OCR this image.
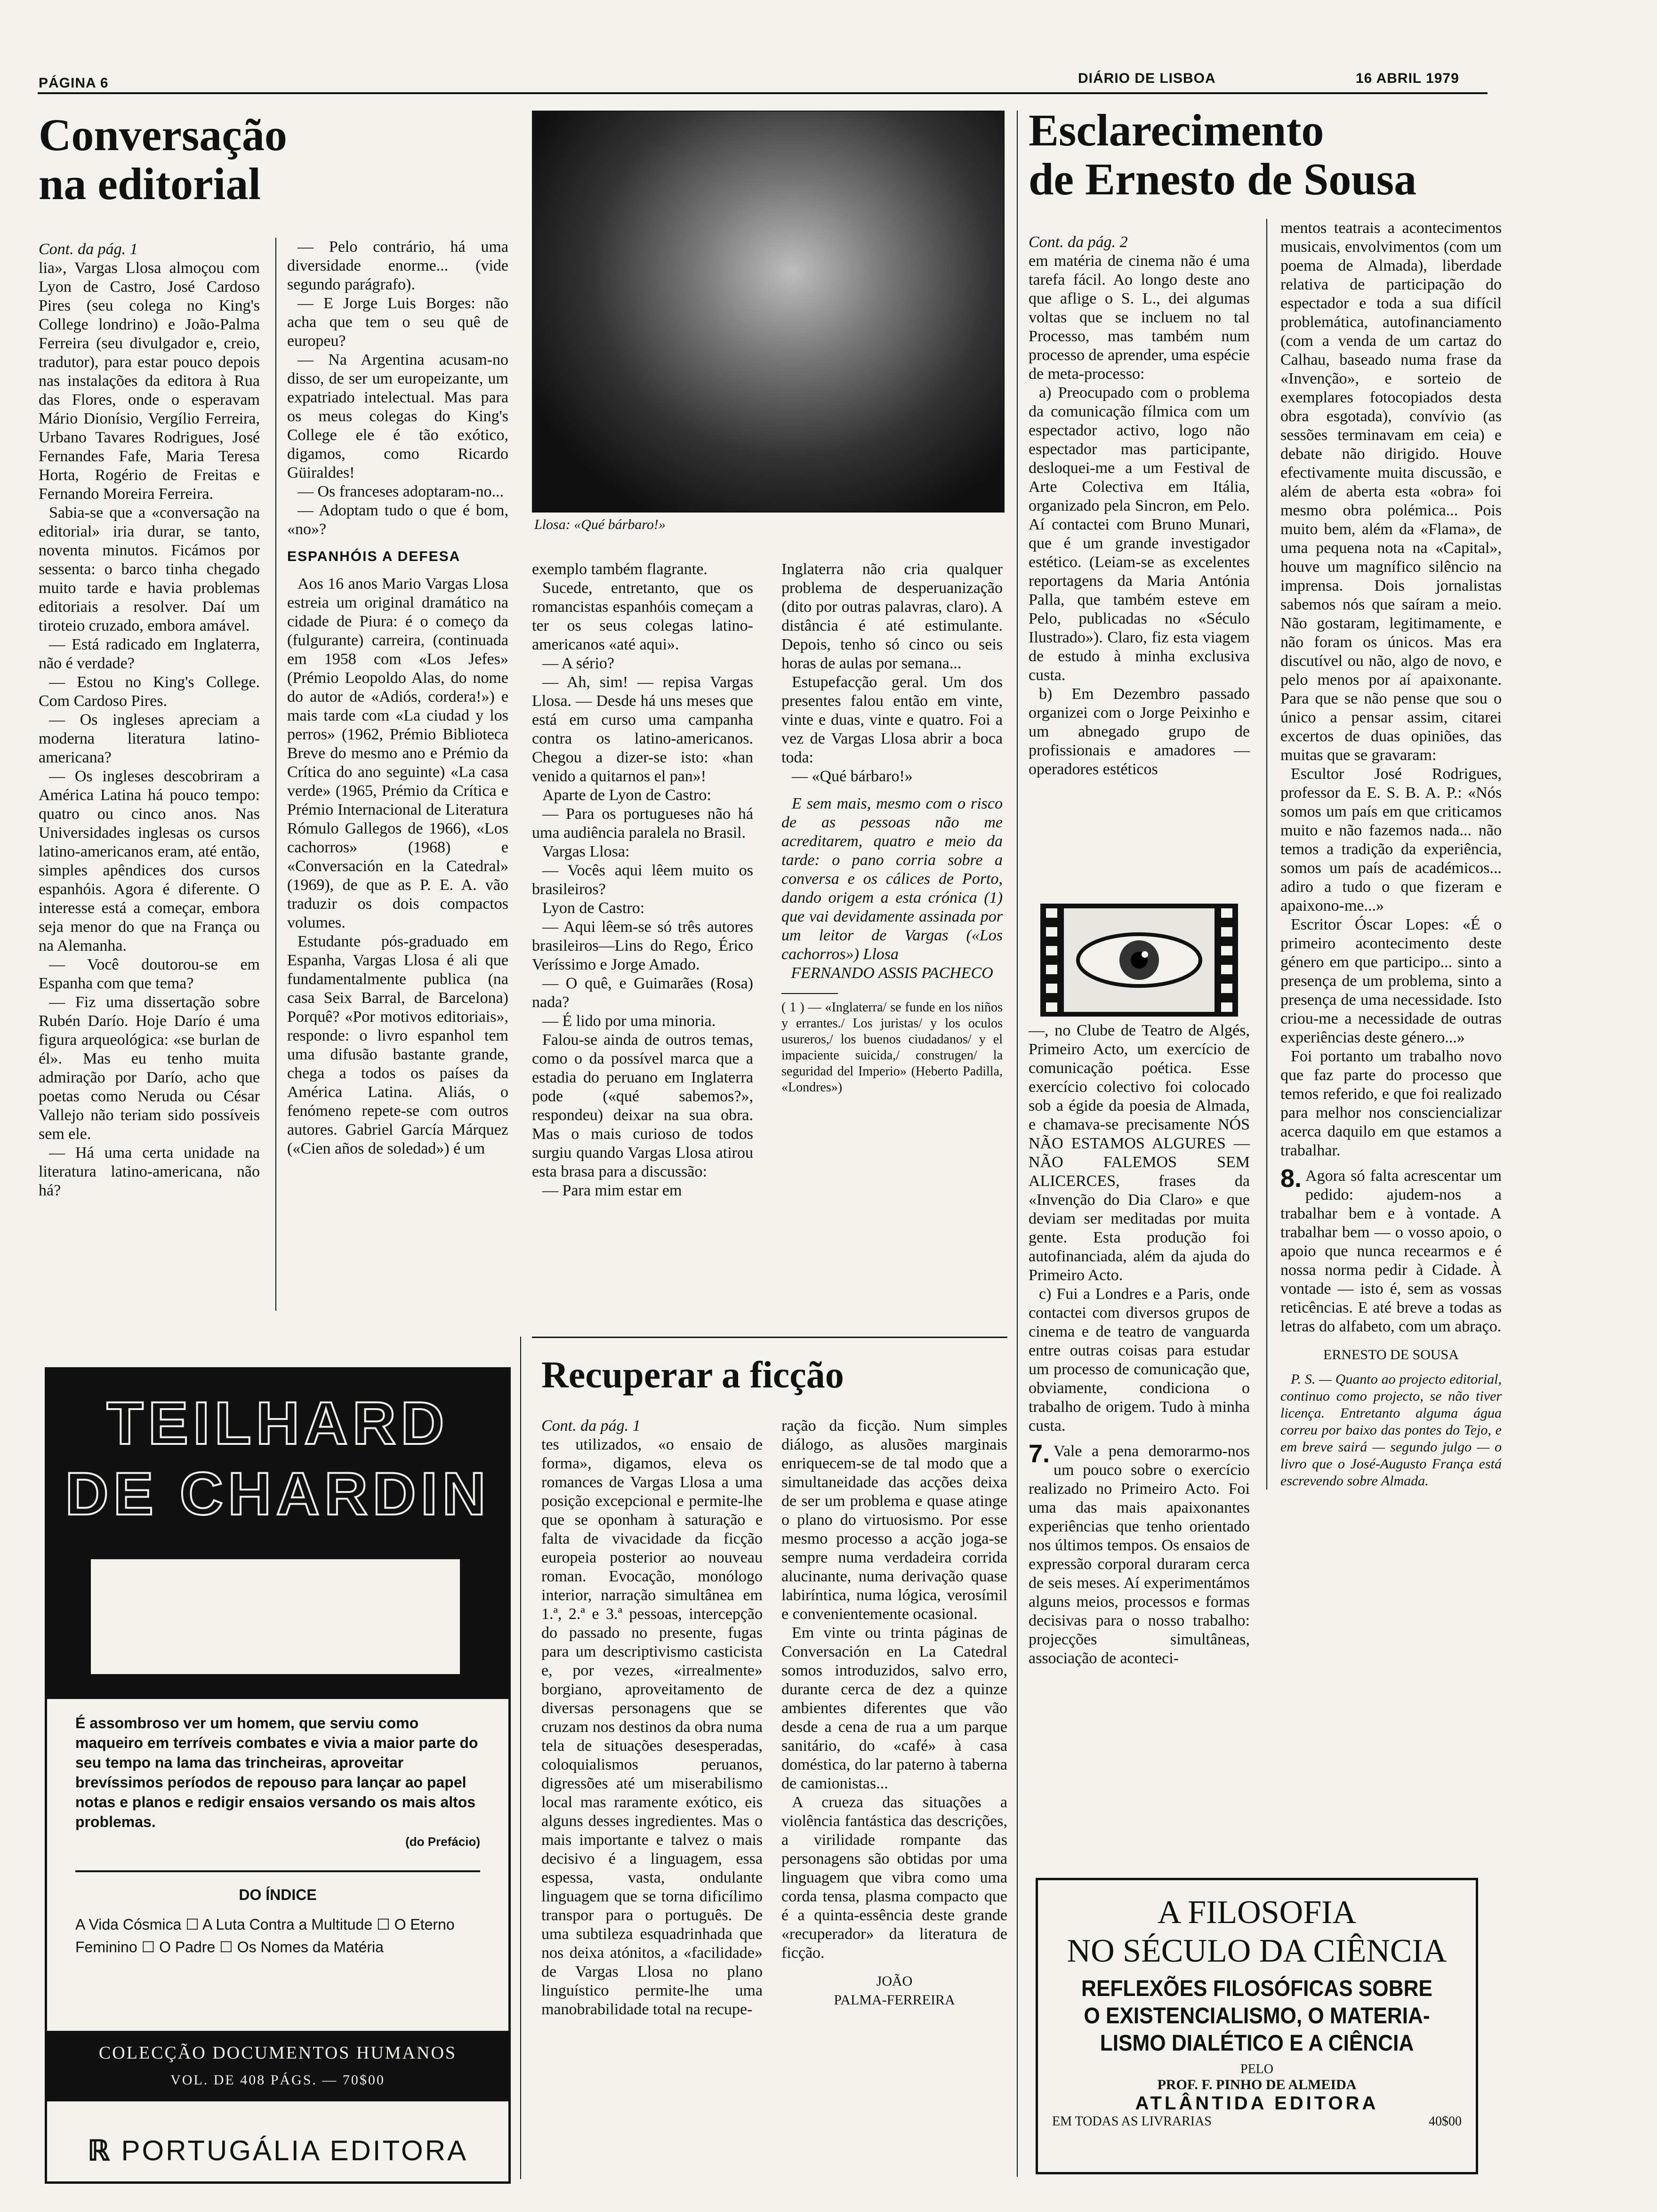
PÁGINA 6	DIÁRIO DE LISBOA	16 ABRIL 1979
Conversação
na editorial

Cont. da pág. 1

lia», Vargas Llosa almoçou com Lyon de Castro, José Cardoso Pires (seu colega no King's College londrino) e João-Palma Ferreira (seu divulgador e, creio, tradutor), para estar pouco depois nas instalações da editora à Rua das Flores, onde o esperavam Mário Dionísio, Vergílio Ferreira, Urbano Tavares Rodrigues, José Fernandes Fafe, Maria Teresa Horta, Rogério de Freitas e Fernando Moreira Ferreira.

Sabia-se que a «conversação na editorial» iria durar, se tanto, noventa minutos. Ficámos por sessenta: o barco tinha chegado muito tarde e havia problemas editoriais a resolver. Daí um tiroteio cruzado, embora amável.

— Está radicado em Inglaterra, não é verdade?

— Estou no King's College. Com Cardoso Pires.

— Os ingleses apreciam a moderna literatura latino-americana?

— Os ingleses descobriram a América Latina há pouco tempo: quatro ou cinco anos. Nas Universidades inglesas os cursos latino-americanos eram, até então, simples apêndices dos cursos espanhóis. Agora é diferente. O interesse está a começar, embora seja menor do que na França ou na Alemanha.

— Você doutorou-se em Espanha com que tema?

— Fiz uma dissertação sobre Rubén Darío. Hoje Darío é uma figura arqueológica: «se burlan de él». Mas eu tenho muita admiração por Darío, acho que poetas como Neruda ou César Vallejo não teriam sido possíveis sem ele.

— Há uma certa unidade na literatura latino-americana, não há?

— Pelo contrário, há uma diversidade enorme... (vide segundo parágrafo).

— E Jorge Luis Borges: não acha que tem o seu quê de europeu?

— Na Argentina acusam-no disso, de ser um europeizante, um expatriado intelectual. Mas para os meus colegas do King's College ele é tão exótico, digamos, como Ricardo Güiraldes!

— Os franceses adoptaram-no...

— Adoptam tudo o que é bom, «no»?

ESPANHÓIS A DEFESA

Aos 16 anos Mario Vargas Llosa estreia um original dramático na cidade de Piura: é o começo da (fulgurante) carreira, (continuada em 1958 com «Los Jefes» (Prémio Leopoldo Alas, do nome do autor de «Adiós, cordera!») e mais tarde com «La ciudad y los perros» (1962, Prémio Biblioteca Breve do mesmo ano e Prémio da Crítica do ano seguinte) «La casa verde» (1965, Prémio da Crítica e Prémio Internacional de Literatura Rómulo Gallegos de 1966), «Los cachorros» (1968) e «Conversación en la Catedral» (1969), de que as P. E. A. vão traduzir os dois compactos volumes.

Estudante pós-graduado em Espanha, Vargas Llosa é ali que fundamentalmente publica (na casa Seix Barral, de Barcelona) Porquê? «Por motivos editoriais», responde: o livro espanhol tem uma difusão bastante grande, chega a todos os países da América Latina. Aliás, o fenómeno repete-se com outros autores. Gabriel García Márquez («Cien años de soledad») é um

Llosa: «Qué bárbaro!»

exemplo também flagrante.

Sucede, entretanto, que os romancistas espanhóis começam a ter os seus colegas latino-americanos «até aqui».

— A sério?

— Ah, sim! — repisa Vargas Llosa. — Desde há uns meses que está em curso uma campanha contra os latino-americanos. Chegou a dizer-se isto: «han venido a quitarnos el pan»!

Aparte de Lyon de Castro:

— Para os portugueses não há uma audiência paralela no Brasil.

Vargas Llosa:

— Vocês aqui lêem muito os brasileiros?

Lyon de Castro:

— Aqui lêem-se só três autores brasileiros—Lins do Rego, Érico Veríssimo e Jorge Amado.

— O quê, e Guimarães (Rosa) nada?

— É lido por uma minoria.

Falou-se ainda de outros temas, como o da possível marca que a estadia do peruano em Inglaterra pode («qué sabemos?», respondeu) deixar na sua obra. Mas o mais curioso de todos surgiu quando Vargas Llosa atirou esta brasa para a discussão:

— Para mim estar em

Inglaterra não cria qualquer problema de desperuanização (dito por outras palavras, claro). A distância é até estimulante. Depois, tenho só cinco ou seis horas de aulas por semana...

Estupefacção geral. Um dos presentes falou então em vinte, vinte e duas, vinte e quatro. Foi a vez de Vargas Llosa abrir a boca toda:

— «Qué bárbaro!»

E sem mais, mesmo com o risco de as pessoas não me acreditarem, quatro e meio da tarde: o pano corria sobre a conversa e os cálices de Porto, dando origem a esta crónica (1) que vai devidamente assinada por um leitor de Vargas («Los cachorros») Llosa

FERNANDO ASSIS PACHECO

( 1 ) — «Inglaterra/ se funde en los niños y errantes./ Los juristas/ y los oculos usureros,/ los buenos ciudadanos/ y el impaciente suicida,/ construgen/ la seguridad del Imperio» (Heberto Padilla, «Londres»)

Esclarecimento
de Ernesto de Sousa

Cont. da pág. 2

em matéria de cinema não é uma tarefa fácil. Ao longo deste ano que aflige o S. L., dei algumas voltas que se incluem no tal Processo, mas também num processo de aprender, uma espécie de meta-processo:

a) Preocupado com o problema da comunicação fílmica com um espectador activo, logo não espectador mas participante, desloquei-me a um Festival de Arte Colectiva em Itália, organizado pela Sincron, em Pelo. Aí contactei com Bruno Munari, que é um grande investigador estético. (Leiam-se as excelentes reportagens da Maria Antónia Palla, que também esteve em Pelo, publicadas no «Século Ilustrado»). Claro, fiz esta viagem de estudo à minha exclusiva custa.

b) Em Dezembro passado organizei com o Jorge Peixinho e um abnegado grupo de profissionais e amadores — operadores estéticos

—, no Clube de Teatro de Algés, Primeiro Acto, um exercício de comunicação poética. Esse exercício colectivo foi colocado sob a égide da poesia de Almada, e chamava-se precisamente NÓS NÃO ESTAMOS ALGURES — NÃO FALEMOS SEM ALICERCES, frases da «Invenção do Dia Claro» e que deviam ser meditadas por muita gente. Esta produção foi autofinanciada, além da ajuda do Primeiro Acto.

c) Fui a Londres e a Paris, onde contactei com diversos grupos de cinema e de teatro de vanguarda entre outras coisas para estudar um processo de comunicação que, obviamente, condiciona o trabalho de origem. Tudo à minha custa.

7. Vale a pena demorarmo-nos um pouco sobre o exercício realizado no Primeiro Acto. Foi uma das mais apaixonantes experiências que tenho orientado nos últimos tempos. Os ensaios de expressão corporal duraram cerca de seis meses. Aí experimentámos alguns meios, processos e formas decisivas para o nosso trabalho: projecções simultâneas, associação de aconteci-

mentos teatrais a acontecimentos musicais, envolvimentos (com um poema de Almada), liberdade relativa de participação do espectador e toda a sua difícil problemática, autofinanciamento (com a venda de um cartaz do Calhau, baseado numa frase da «Invenção», e sorteio de exemplares fotocopiados desta obra esgotada), convívio (as sessões terminavam em ceia) e debate não dirigido. Houve efectivamente muita discussão, e além de aberta esta «obra» foi mesmo obra polémica... Pois muito bem, além da «Flama», de uma pequena nota na «Capital», houve um magnífico silêncio na imprensa. Dois jornalistas sabemos nós que saíram a meio. Não gostaram, legitimamente, e não foram os únicos. Mas era discutível ou não, algo de novo, e pelo menos por aí apaixonante. Para que se não pense que sou o único a pensar assim, citarei excertos de duas opiniões, das muitas que se gravaram:

Escultor José Rodrigues, professor da E. S. B. A. P.: «Nós somos um país em que criticamos muito e não fazemos nada... não temos a tradição da experiência, somos um país de académicos... adiro a tudo o que fizeram e apaixono-me...»

Escritor Óscar Lopes: «É o primeiro acontecimento deste género em que participo... sinto a presença de um problema, sinto a presença de uma necessidade. Isto criou-me a necessidade de outras experiências deste género...»

Foi portanto um trabalho novo que faz parte do processo que temos referido, e que foi realizado para melhor nos consciencializar acerca daquilo em que estamos a trabalhar.

8. Agora só falta acrescentar um pedido: ajudem-nos a trabalhar bem e à vontade. A trabalhar bem — o vosso apoio, o apoio que nunca recearmos e é nossa norma pedir à Cidade. À vontade — isto é, sem as vossas reticências. E até breve a todas as letras do alfabeto, com um abraço.

ERNESTO DE SOUSA

P. S. — Quanto ao projecto editorial, continuo como projecto, se não tiver licença. Entretanto alguma água correu por baixo das pontes do Tejo, e em breve sairá — segundo julgo — o livro que o José-Augusto França está escrevendo sobre Almada.

Recuperar a ficção

Cont. da pág. 1

tes utilizados, «o ensaio de forma», digamos, eleva os romances de Vargas Llosa a uma posição excepcional e permite-lhe que se oponham à saturação e falta de vivacidade da ficção europeia posterior ao nouveau roman. Evocação, monólogo interior, narração simultânea em 1.ª, 2.ª e 3.ª pessoas, intercepção do passado no presente, fugas para um descriptivismo casticista e, por vezes, «irrealmente» borgiano, aproveitamento de diversas personagens que se cruzam nos destinos da obra numa tela de situações desesperadas, coloquialismos peruanos, digressões até um miserabilismo local mas raramente exótico, eis alguns desses ingredientes. Mas o mais importante e talvez o mais decisivo é a linguagem, essa espessa, vasta, ondulante linguagem que se torna dificílimo transpor para o português. De uma subtileza esquadrinhada que nos deixa atónitos, a «facilidade» de Vargas Llosa no plano linguístico permite-lhe uma manobrabilidade total na recupe-

ração da ficção. Num simples diálogo, as alusões marginais enriquecem-se de tal modo que a simultaneidade das acções deixa de ser um problema e quase atinge o plano do virtuosismo. Por esse mesmo processo a acção joga-se sempre numa verdadeira corrida alucinante, numa derivação quase labiríntica, numa lógica, verosímil e convenientemente ocasional.

Em vinte ou trinta páginas de Conversación en La Catedral somos introduzidos, salvo erro, durante cerca de dez a quinze ambientes diferentes que vão desde a cena de rua a um parque sanitário, do «café» à casa doméstica, do lar paterno à taberna de camionistas...

A crueza das situações a violência fantástica das descrições, a virilidade rompante das personagens são obtidas por uma linguagem que vibra como uma corda tensa, plasma compacto que é a quinta-essência deste grande «recuperador» da literatura de ficção.

JOÃO
PALMA-FERREIRA

TEILHARD
DE CHARDIN
ESCRITOS DO TEMPO
DA GUERRA
É assombroso ver um homem, que serviu como maqueiro em terríveis combates e vivia a maior parte do seu tempo na lama das trincheiras, aproveitar brevíssimos períodos de repouso para lançar ao papel notas e planos e redigir ensaios versando os mais altos problemas.
(do Prefácio)
DO ÍNDICE
A Vida Cósmica ☐ A Luta Contra a Multitude ☐ O Eterno Feminino ☐ O Padre ☐ Os Nomes da Matéria
COLECÇÃO DOCUMENTOS HUMANOS
VOL. DE 408 PÁGS. — 70$00
ℝ PORTUGÁLIA EDITORA
A FILOSOFIA
NO SÉCULO DA CIÊNCIA
REFLEXÕES FILOSÓFICAS SOBRE
O EXISTENCIALISMO, O MATERIA-
LISMO DIALÉTICO E A CIÊNCIA
PELO
PROF. F. PINHO DE ALMEIDA
ATLÂNTIDA EDITORA
EM TODAS AS LIVRARIAS	40$00
